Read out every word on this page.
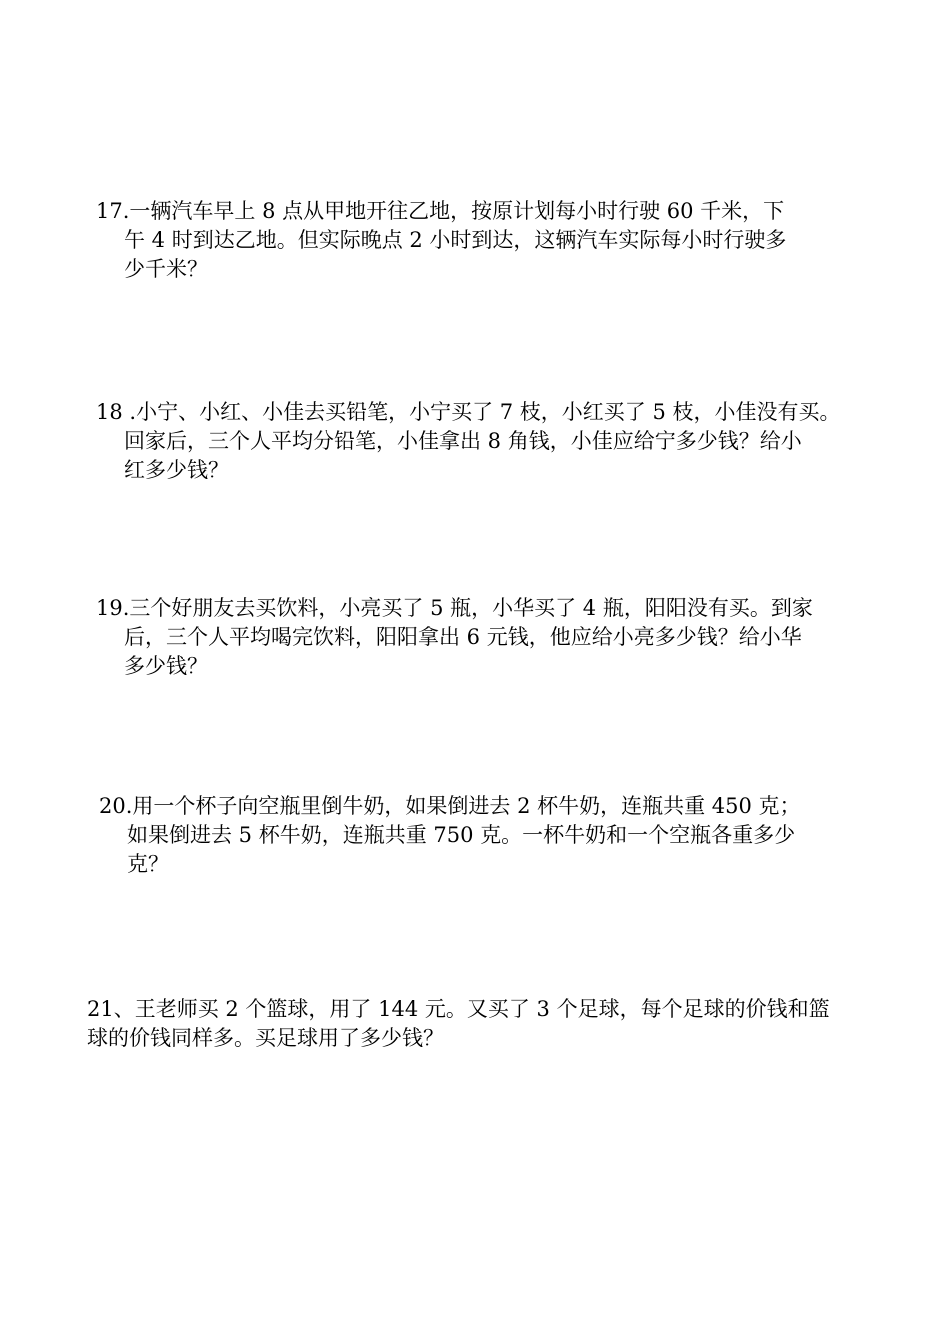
17.一辆汽车早上 8 点从甲地开往乙地，按原计划每小时行驶 60 千米，下
午 4 时到达乙地。但实际晚点 2 小时到达，这辆汽车实际每小时行驶多
少千米？
18 .小宁、小红、小佳去买铅笔，小宁买了 7 枝，小红买了 5 枝，小佳没有买。
回家后，三个人平均分铅笔，小佳拿出 8 角钱，小佳应给宁多少钱？给小
红多少钱？
19.三个好朋友去买饮料，小亮买了 5 瓶，小华买了 4 瓶，阳阳没有买。到家
后，三个人平均喝完饮料，阳阳拿出 6 元钱，他应给小亮多少钱？给小华
多少钱？
20.用一个杯子向空瓶里倒牛奶，如果倒进去 2 杯牛奶，连瓶共重 450 克；
如果倒进去 5 杯牛奶，连瓶共重 750 克。一杯牛奶和一个空瓶各重多少
克？
21、王老师买 2 个篮球，用了 144 元。又买了 3 个足球，每个足球的价钱和篮
球的价钱同样多。买足球用了多少钱？
